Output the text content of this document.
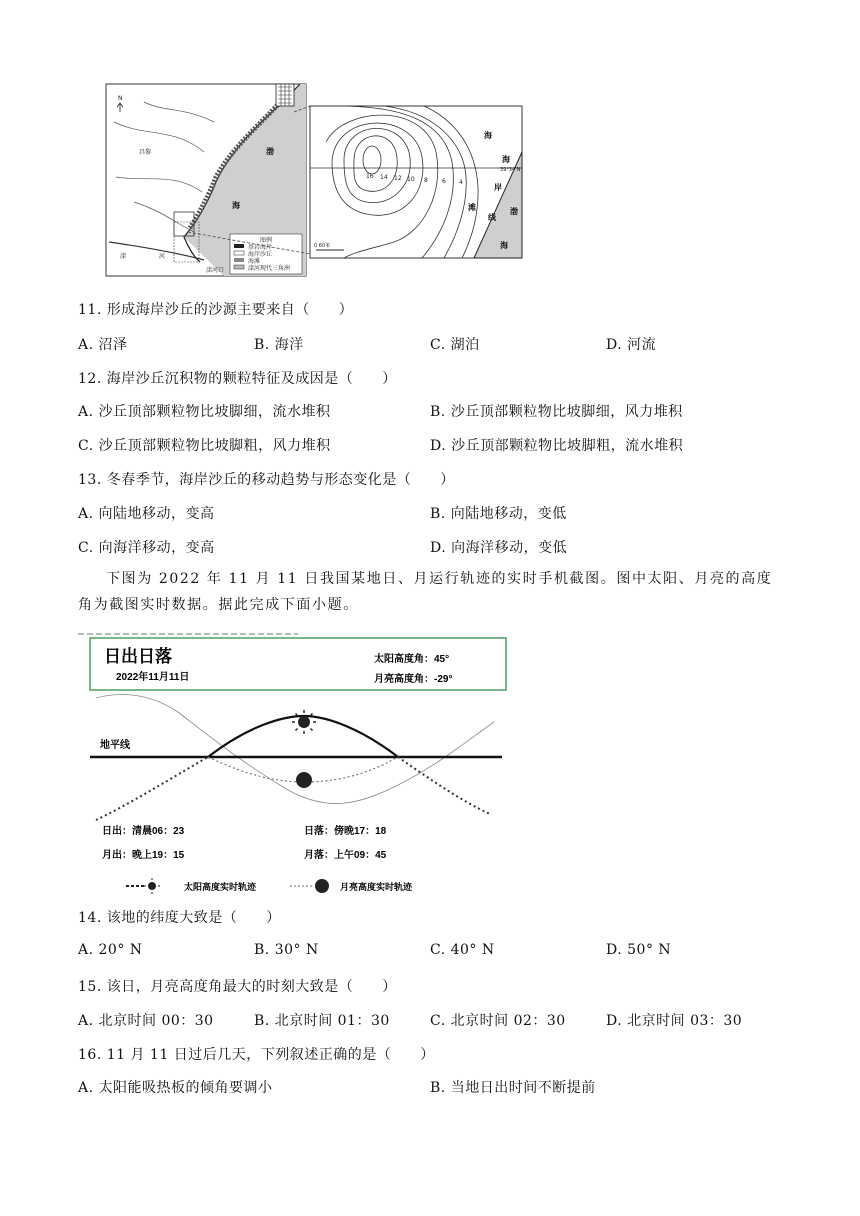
N
昌黎	渤
海
滦	河
滦河口
图例
基岩海岸
海岸沙丘
海滩
滦河现代三角洲
16 14 12 10 8 6 4
39°34'N
海
海
岸
滩
线
渤
海
0 60米
11. 形成海岸沙丘的沙源主要来自（　　）
A. 沼泽	B. 海洋	C. 湖泊	D. 河流
12. 海岸沙丘沉积物的颗粒特征及成因是（　　）
A. 沙丘顶部颗粒物比坡脚细，流水堆积	B. 沙丘顶部颗粒物比坡脚细，风力堆积
C. 沙丘顶部颗粒物比坡脚粗，风力堆积	D. 沙丘顶部颗粒物比坡脚粗，流水堆积
13. 冬春季节，海岸沙丘的移动趋势与形态变化是（　　）
A. 向陆地移动，变高	B. 向陆地移动，变低
C. 向海洋移动，变高	D. 向海洋移动，变低

下图为 2022 年 11 月 11 日我国某地日、月运行轨迹的实时手机截图。图中太阳、月亮的高度角为截图实时数据。据此完成下面小题。

日出日落
2022年11月11日
太阳高度角：45°
月亮高度角：-29°
地平线
日出：清晨06：23	日落：傍晚17：18
月出：晚上19：15	月落：上午09：45
太阳高度实时轨迹	月亮高度实时轨迹
14. 该地的纬度大致是（　　）
A. 20° N	B. 30° N	C. 40° N	D. 50° N
15. 该日，月亮高度角最大的时刻大致是（　　）
A. 北京时间 00：30	B. 北京时间 01：30	C. 北京时间 02：30	D. 北京时间 03：30
16. 11 月 11 日过后几天，下列叙述正确的是（　　）
A. 太阳能吸热板的倾角要调小	B. 当地日出时间不断提前
